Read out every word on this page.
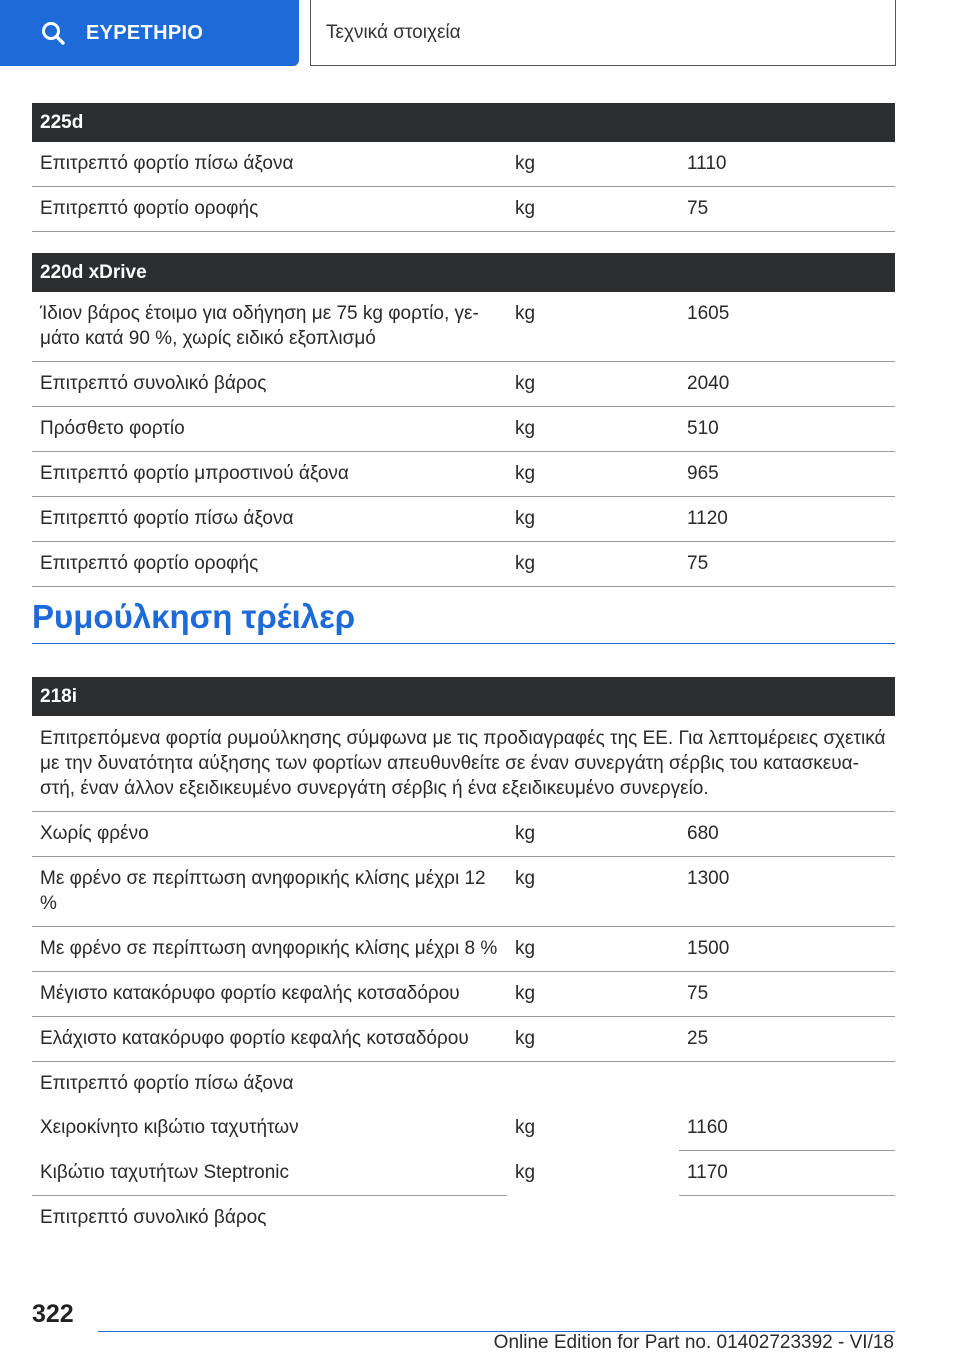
ΕΥΡΕΤΗΡΙΟ	Τεχνικά στοιχεία
225d		
Επιτρεπτό φορτίο πίσω άξονα	kg	1110
Επιτρεπτό φορτίο οροφής	kg	75
220d xDrive		
Ίδιον βάρος έτοιμο για οδήγηση με 75 kg φορτίο, γεμάτο κατά 90 %, χωρίς ειδικό εξοπλισμό	kg	1605
Επιτρεπτό συνολικό βάρος	kg	2040
Πρόσθετο φορτίο	kg	510
Επιτρεπτό φορτίο μπροστινού άξονα	kg	965
Επιτρεπτό φορτίο πίσω άξονα	kg	1120
Επιτρεπτό φορτίο οροφής	kg	75
Ρυμούλκηση τρέιλερ
218i		
Επιτρεπόμενα φορτία ρυμούλκησης σύμφωνα με τις προδιαγραφές της ΕΕ. Για λεπτομέρειες σχετικά με την δυνατότητα αύξησης των φορτίων απευθυνθείτε σε έναν συνεργάτη σέρβις του κατασκευαστή, έναν άλλον εξειδικευμένο συνεργάτη σέρβις ή ένα εξειδικευμένο συνεργείο.		
Χωρίς φρένο	kg	680
Με φρένο σε περίπτωση ανηφορικής κλίσης μέχρι 12 %	kg	1300
Με φρένο σε περίπτωση ανηφορικής κλίσης μέχρι 8 %	kg	1500
Μέγιστο κατακόρυφο φορτίο κεφαλής κοτσαδόρου	kg	75
Ελάχιστο κατακόρυφο φορτίο κεφαλής κοτσαδόρου	kg	25
Επιτρεπτό φορτίο πίσω άξονα		
Χειροκίνητο κιβώτιο ταχυτήτων	kg	1160
Κιβώτιο ταχυτήτων Steptronic	kg	1170
Επιτρεπτό συνολικό βάρος		
322
Online Edition for Part no. 01402723392 - VI/18
